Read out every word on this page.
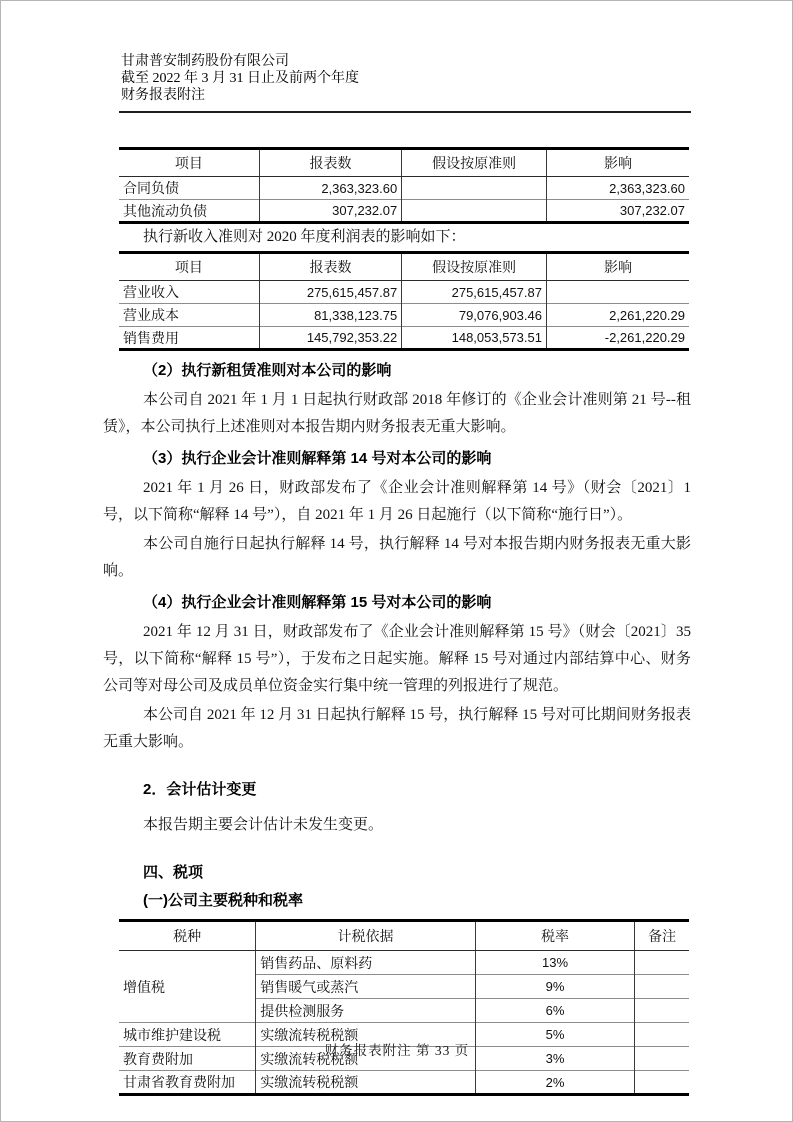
甘肃普安制药股份有限公司
截至 2022 年 3 月 31 日止及前两个年度
财务报表附注
项目	报表数	假设按原准则	影响
合同负债	2,363,323.60		2,363,323.60
其他流动负债	307,232.07		307,232.07

执行新收入准则对 2020 年度利润表的影响如下：

项目	报表数	假设按原准则	影响
营业收入	275,615,457.87	275,615,457.87	
营业成本	81,338,123.75	79,076,903.46	2,261,220.29
销售费用	145,792,353.22	148,053,573.51	-2,261,220.29

（2）执行新租赁准则对本公司的影响

本公司自 2021 年 1 月 1 日起执行财政部 2018 年修订的《企业会计准则第 21 号--租赁》，本公司执行上述准则对本报告期内财务报表无重大影响。

（3）执行企业会计准则解释第 14 号对本公司的影响

2021 年 1 月 26 日，财政部发布了《企业会计准则解释第 14 号》（财会〔2021〕1 号，以下简称“解释 14 号”），自 2021 年 1 月 26 日起施行（以下简称“施行日”）。

本公司自施行日起执行解释 14 号，执行解释 14 号对本报告期内财务报表无重大影响。

（4）执行企业会计准则解释第 15 号对本公司的影响

2021 年 12 月 31 日，财政部发布了《企业会计准则解释第 15 号》（财会〔2021〕35 号，以下简称“解释 15 号”），于发布之日起实施。解释 15 号对通过内部结算中心、财务公司等对母公司及成员单位资金实行集中统一管理的列报进行了规范。

本公司自 2021 年 12 月 31 日起执行解释 15 号，执行解释 15 号对可比期间财务报表无重大影响。

2．会计估计变更

本报告期主要会计估计未发生变更。

四、税项

(一)公司主要税种和税率

税种	计税依据	税率	备注
增值税	销售药品、原料药	13%	
	销售暖气或蒸汽	9%	
	提供检测服务	6%	
城市维护建设税	实缴流转税税额	5%	
教育费附加	实缴流转税税额	3%	
甘肃省教育费附加	实缴流转税税额	2%	
财务报表附注 第 33 页
